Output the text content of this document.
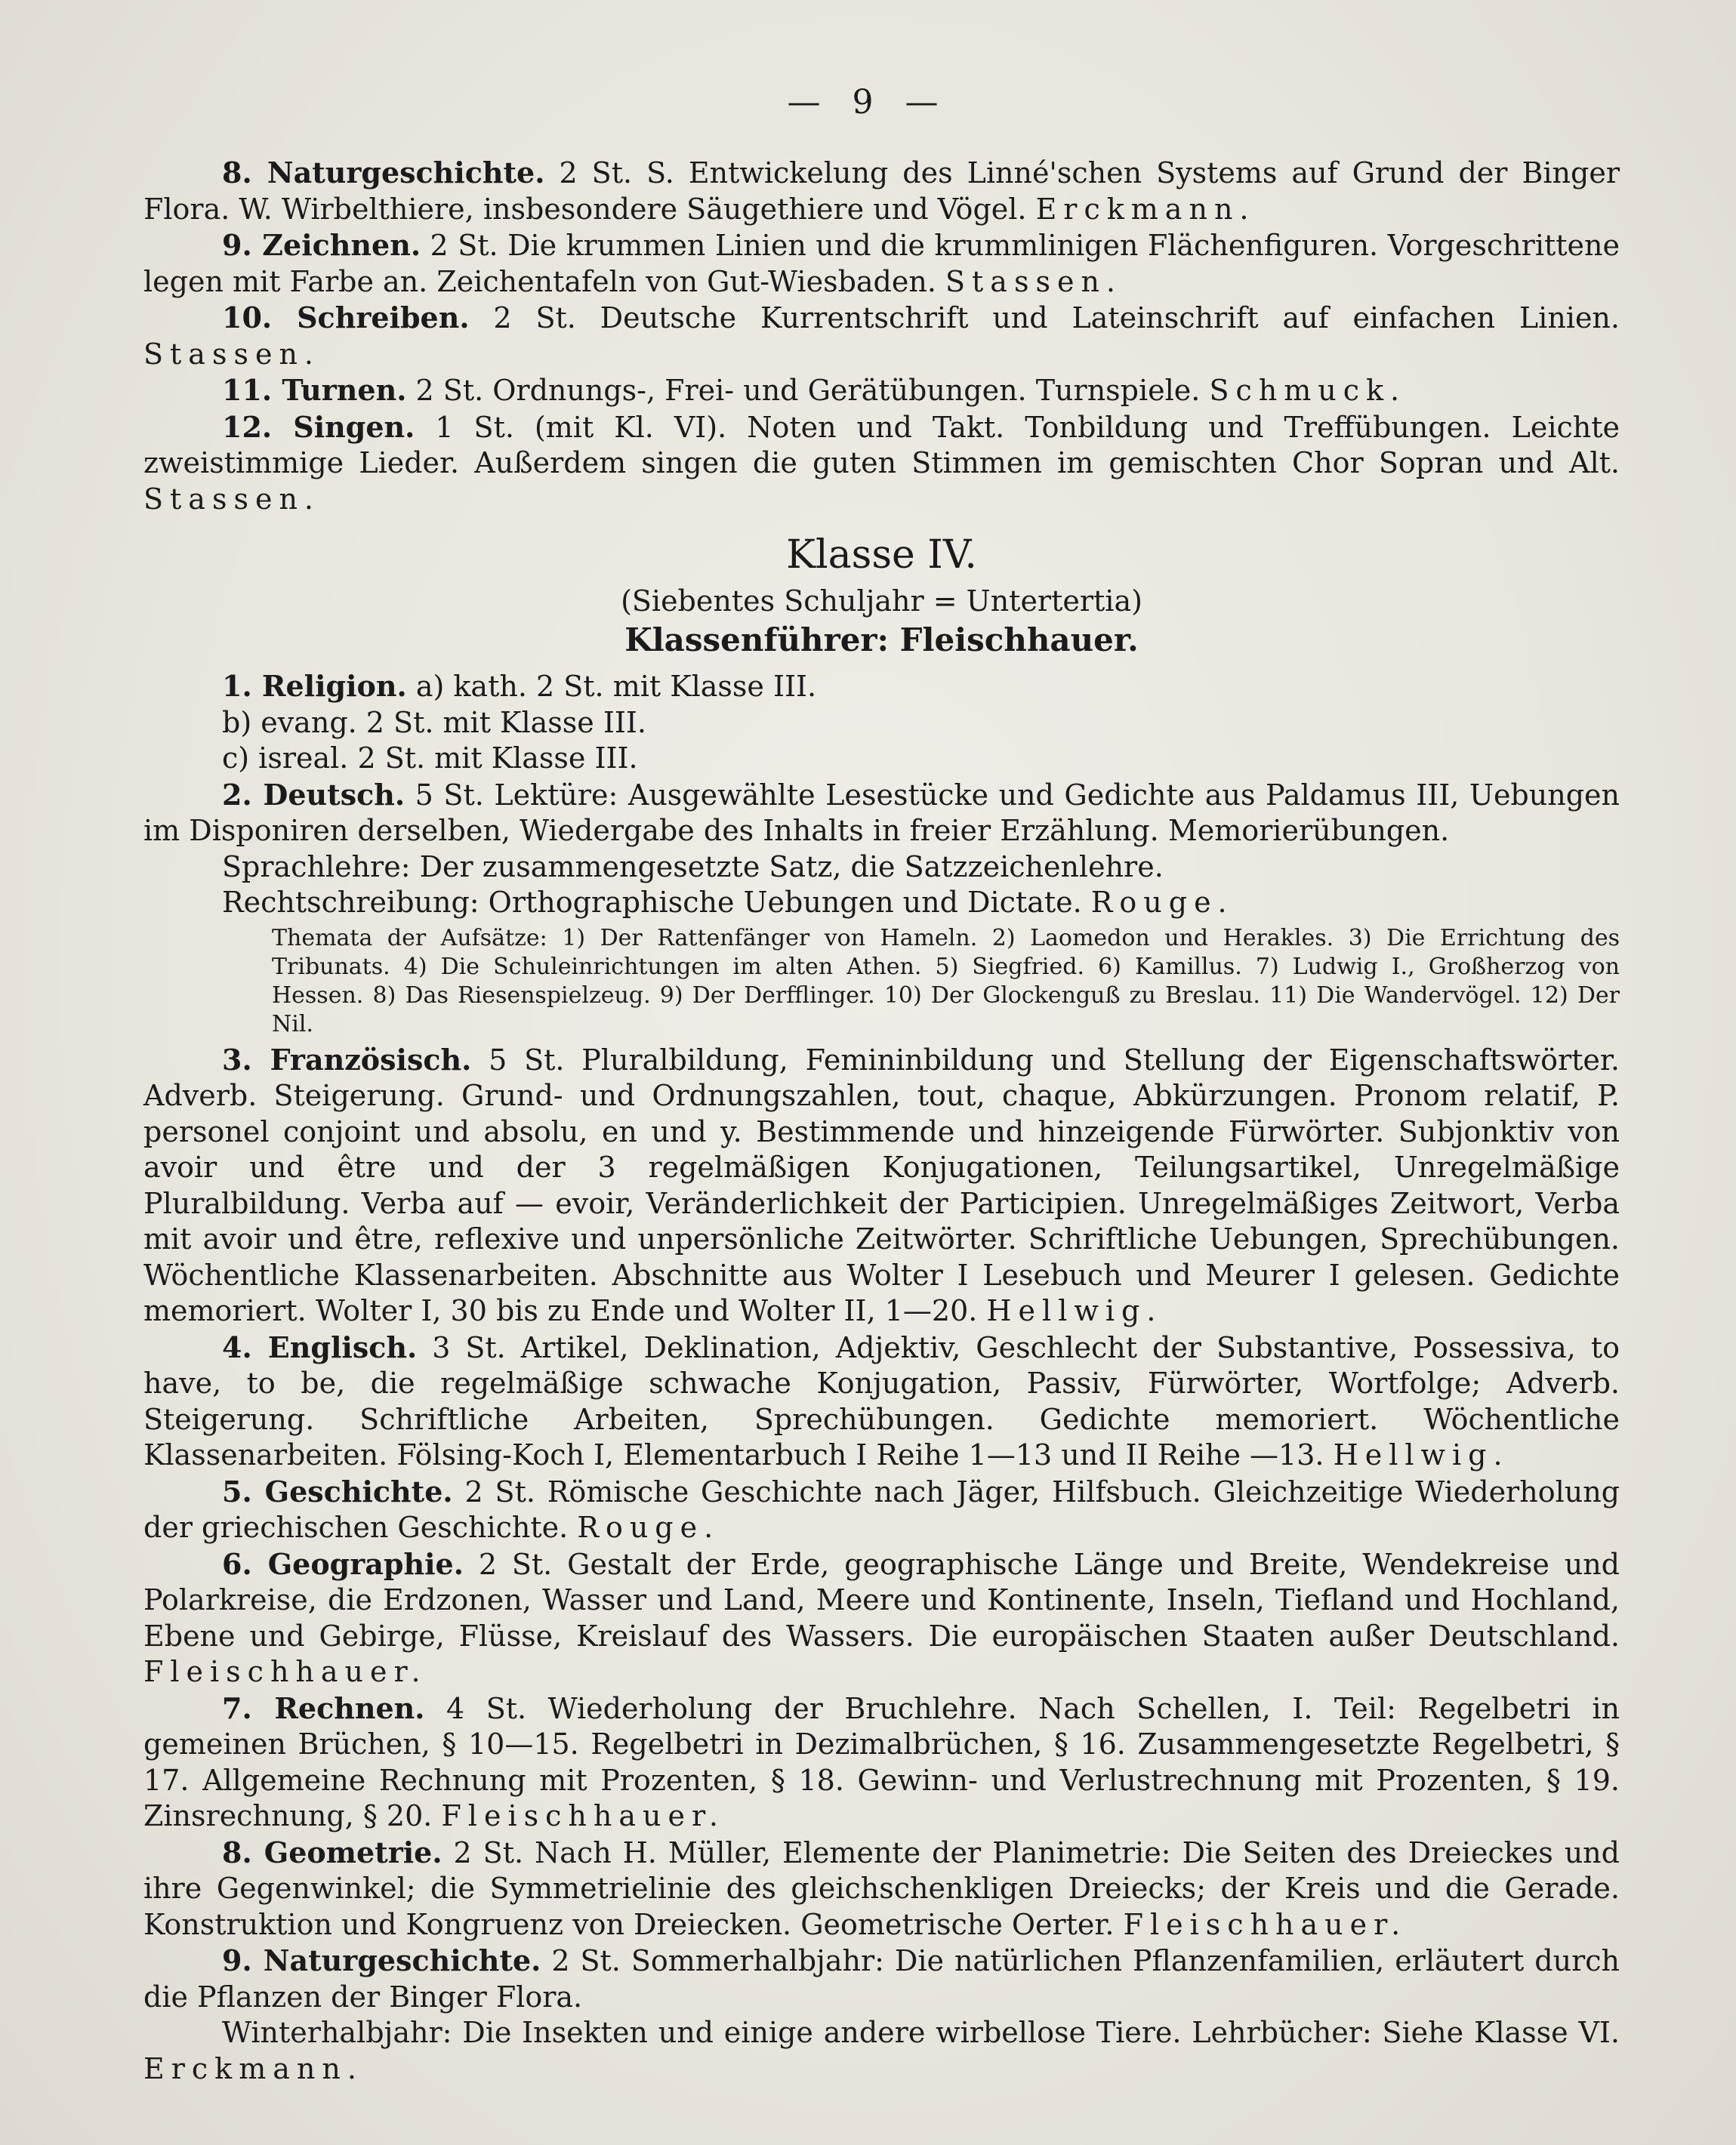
— 9 —

8. Naturgeschichte. 2 St. S. Entwickelung des Linné'schen Systems auf Grund der Binger Flora. W. Wirbelthiere, insbesondere Säugethiere und Vögel. Erckmann.

9. Zeichnen. 2 St. Die krummen Linien und die krummlinigen Flächenfiguren. Vorgeschrittene legen mit Farbe an. Zeichentafeln von Gut-Wiesbaden. Stassen.

10. Schreiben. 2 St. Deutsche Kurrentschrift und Lateinschrift auf einfachen Linien. Stassen.

11. Turnen. 2 St. Ordnungs-, Frei- und Gerätübungen. Turnspiele. Schmuck.

12. Singen. 1 St. (mit Kl. VI). Noten und Takt. Tonbildung und Treffübungen. Leichte zweistimmige Lieder. Außerdem singen die guten Stimmen im gemischten Chor Sopran und Alt. Stassen.

Klasse IV.
(Siebentes Schuljahr = Untertertia)
Klassenführer: Fleischhauer.

1. Religion. a) kath. 2 St. mit Klasse III.

b) evang. 2 St. mit Klasse III.

c) isreal. 2 St. mit Klasse III.

2. Deutsch. 5 St. Lektüre: Ausgewählte Lesestücke und Gedichte aus Paldamus III, Uebungen im Disponiren derselben, Wiedergabe des Inhalts in freier Erzählung. Memorierübungen.

Sprachlehre: Der zusammengesetzte Satz, die Satzzeichenlehre.

Rechtschreibung: Orthographische Uebungen und Dictate. Rouge.

Themata der Aufsätze: 1) Der Rattenfänger von Hameln. 2) Laomedon und Herakles. 3) Die Errichtung des Tribunats. 4) Die Schuleinrichtungen im alten Athen. 5) Siegfried. 6) Kamillus. 7) Ludwig I., Großherzog von Hessen. 8) Das Riesenspielzeug. 9) Der Derfflinger. 10) Der Glockenguß zu Breslau. 11) Die Wandervögel. 12) Der Nil.

3. Französisch. 5 St. Pluralbildung, Femininbildung und Stellung der Eigenschaftswörter. Adverb. Steigerung. Grund- und Ordnungszahlen, tout, chaque, Abkürzungen. Pronom relatif, P. personel conjoint und absolu, en und y. Bestimmende und hinzeigende Fürwörter. Subjonktiv von avoir und être und der 3 regelmäßigen Konjugationen, Teilungsartikel, Unregelmäßige Pluralbildung. Verba auf — evoir, Veränderlichkeit der Participien. Unregelmäßiges Zeitwort, Verba mit avoir und être, reflexive und unpersönliche Zeitwörter. Schriftliche Uebungen, Sprechübungen. Wöchentliche Klassenarbeiten. Abschnitte aus Wolter I Lesebuch und Meurer I gelesen. Gedichte memoriert. Wolter I, 30 bis zu Ende und Wolter II, 1—20. Hellwig.

4. Englisch. 3 St. Artikel, Deklination, Adjektiv, Geschlecht der Substantive, Possessiva, to have, to be, die regelmäßige schwache Konjugation, Passiv, Fürwörter, Wortfolge; Adverb. Steigerung. Schriftliche Arbeiten, Sprechübungen. Gedichte memoriert. Wöchentliche Klassenarbeiten. Fölsing-Koch I, Elementarbuch I Reihe 1—13 und II Reihe —13. Hellwig.

5. Geschichte. 2 St. Römische Geschichte nach Jäger, Hilfsbuch. Gleichzeitige Wiederholung der griechischen Geschichte. Rouge.

6. Geographie. 2 St. Gestalt der Erde, geographische Länge und Breite, Wendekreise und Polarkreise, die Erdzonen, Wasser und Land, Meere und Kontinente, Inseln, Tiefland und Hochland, Ebene und Gebirge, Flüsse, Kreislauf des Wassers. Die europäischen Staaten außer Deutschland. Fleischhauer.

7. Rechnen. 4 St. Wiederholung der Bruchlehre. Nach Schellen, I. Teil: Regelbetri in gemeinen Brüchen, § 10—15. Regelbetri in Dezimalbrüchen, § 16. Zusammengesetzte Regelbetri, § 17. Allgemeine Rechnung mit Prozenten, § 18. Gewinn- und Verlustrechnung mit Prozenten, § 19. Zinsrechnung, § 20. Fleischhauer.

8. Geometrie. 2 St. Nach H. Müller, Elemente der Planimetrie: Die Seiten des Dreieckes und ihre Gegenwinkel; die Symmetrielinie des gleichschenkligen Dreiecks; der Kreis und die Gerade. Konstruktion und Kongruenz von Dreiecken. Geometrische Oerter. Fleischhauer.

9. Naturgeschichte. 2 St. Sommerhalbjahr: Die natürlichen Pflanzenfamilien, erläutert durch die Pflanzen der Binger Flora.

Winterhalbjahr: Die Insekten und einige andere wirbellose Tiere. Lehrbücher: Siehe Klasse VI. Erckmann.
